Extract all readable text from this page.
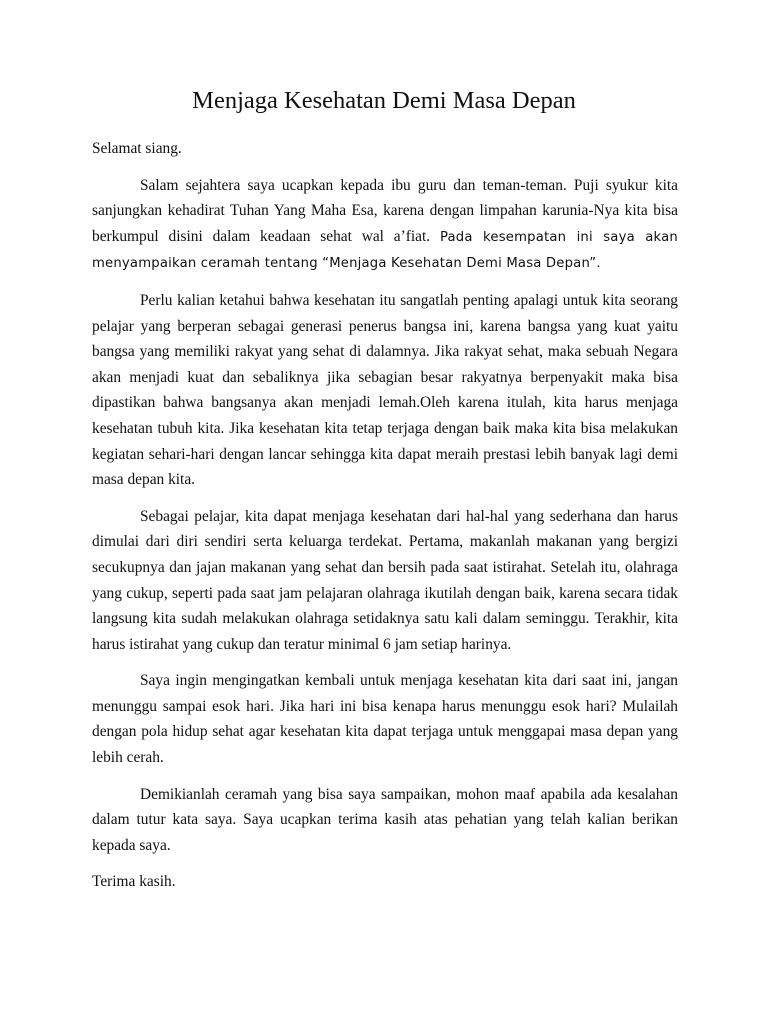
Menjaga Kesehatan Demi Masa Depan

Selamat siang.

Salam sejahtera saya ucapkan kepada ibu guru dan teman-teman. Puji syukur kita sanjungkan kehadirat Tuhan Yang Maha Esa, karena dengan limpahan karunia-Nya kita bisa berkumpul disini dalam keadaan sehat wal a’fiat. Pada kesempatan ini saya akan menyampaikan ceramah tentang “Menjaga Kesehatan Demi Masa Depan”.

Perlu kalian ketahui bahwa kesehatan itu sangatlah penting apalagi untuk kita seorang pelajar yang berperan sebagai generasi penerus bangsa ini, karena bangsa yang kuat yaitu bangsa yang memiliki rakyat yang sehat di dalamnya. Jika rakyat sehat, maka sebuah Negara akan menjadi kuat dan sebaliknya jika sebagian besar rakyatnya berpenyakit maka bisa dipastikan bahwa bangsanya akan menjadi lemah.Oleh karena itulah, kita harus menjaga kesehatan tubuh kita. Jika kesehatan kita tetap terjaga dengan baik maka kita bisa melakukan kegiatan sehari-hari dengan lancar sehingga kita dapat meraih prestasi lebih banyak lagi demi masa depan kita.

Sebagai pelajar, kita dapat menjaga kesehatan dari hal-hal yang sederhana dan harus dimulai dari diri sendiri serta keluarga terdekat. Pertama, makanlah makanan yang bergizi secukupnya dan jajan makanan yang sehat dan bersih pada saat istirahat. Setelah itu, olahraga yang cukup, seperti pada saat jam pelajaran olahraga ikutilah dengan baik, karena secara tidak langsung kita sudah melakukan olahraga setidaknya satu kali dalam seminggu. Terakhir, kita harus istirahat yang cukup dan teratur minimal 6 jam setiap harinya.

Saya ingin mengingatkan kembali untuk menjaga kesehatan kita dari saat ini, jangan menunggu sampai esok hari. Jika hari ini bisa kenapa harus menunggu esok hari? Mulailah dengan pola hidup sehat agar kesehatan kita dapat terjaga untuk menggapai masa depan yang lebih cerah.

Demikianlah ceramah yang bisa saya sampaikan, mohon maaf apabila ada kesalahan dalam tutur kata saya. Saya ucapkan terima kasih atas pehatian yang telah kalian berikan kepada saya.

Terima kasih.
